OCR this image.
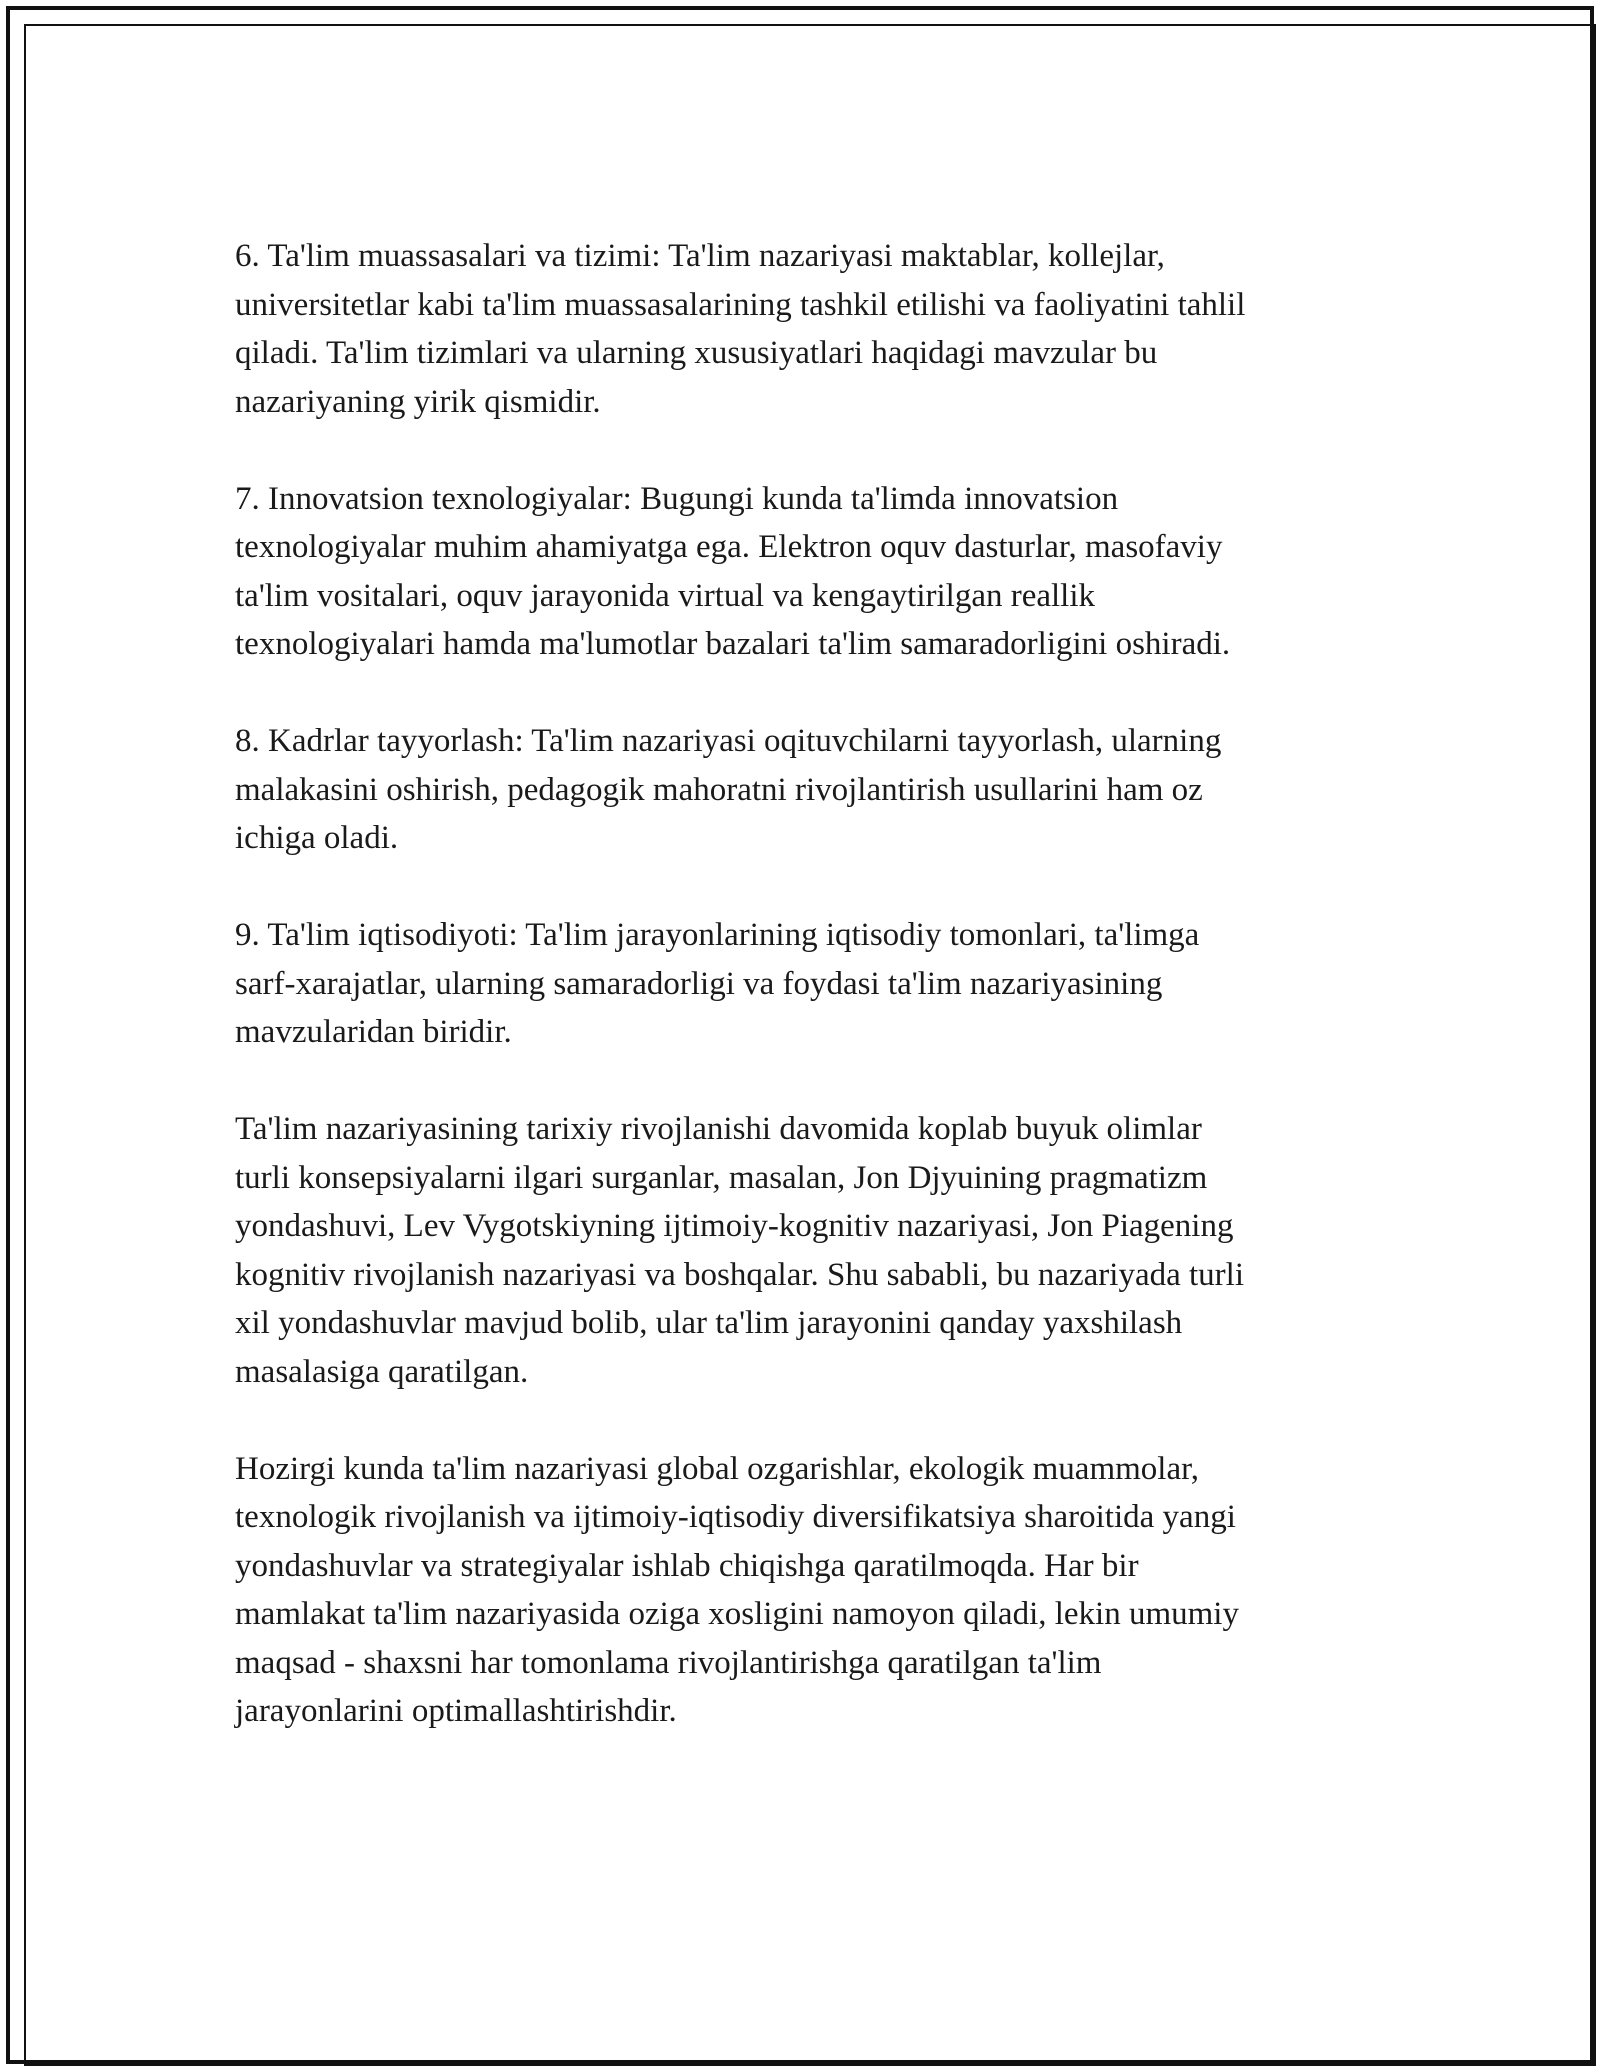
6. Ta'lim muassasalari va tizimi: Ta'lim nazariyasi maktablar, kollejlar,
universitetlar kabi ta'lim muassasalarining tashkil etilishi va faoliyatini tahlil
qiladi. Ta'lim tizimlari va ularning xususiyatlari haqidagi mavzular bu
nazariyaning yirik qismidir.

7. Innovatsion texnologiyalar: Bugungi kunda ta'limda innovatsion
texnologiyalar muhim ahamiyatga ega. Elektron oquv dasturlar, masofaviy
ta'lim vositalari, oquv jarayonida virtual va kengaytirilgan reallik
texnologiyalari hamda ma'lumotlar bazalari ta'lim samaradorligini oshiradi.

8. Kadrlar tayyorlash: Ta'lim nazariyasi oqituvchilarni tayyorlash, ularning
malakasini oshirish, pedagogik mahoratni rivojlantirish usullarini ham oz
ichiga oladi.

9. Ta'lim iqtisodiyoti: Ta'lim jarayonlarining iqtisodiy tomonlari, ta'limga
sarf-xarajatlar, ularning samaradorligi va foydasi ta'lim nazariyasining
mavzularidan biridir.

Ta'lim nazariyasining tarixiy rivojlanishi davomida koplab buyuk olimlar
turli konsepsiyalarni ilgari surganlar, masalan, Jon Djyuining pragmatizm
yondashuvi, Lev Vygotskiyning ijtimoiy-kognitiv nazariyasi, Jon Piagening
kognitiv rivojlanish nazariyasi va boshqalar. Shu sababli, bu nazariyada turli
xil yondashuvlar mavjud bolib, ular ta'lim jarayonini qanday yaxshilash
masalasiga qaratilgan.

Hozirgi kunda ta'lim nazariyasi global ozgarishlar, ekologik muammolar,
texnologik rivojlanish va ijtimoiy-iqtisodiy diversifikatsiya sharoitida yangi
yondashuvlar va strategiyalar ishlab chiqishga qaratilmoqda. Har bir
mamlakat ta'lim nazariyasida oziga xosligini namoyon qiladi, lekin umumiy
maqsad - shaxsni har tomonlama rivojlantirishga qaratilgan ta'lim
jarayonlarini optimallashtirishdir.
